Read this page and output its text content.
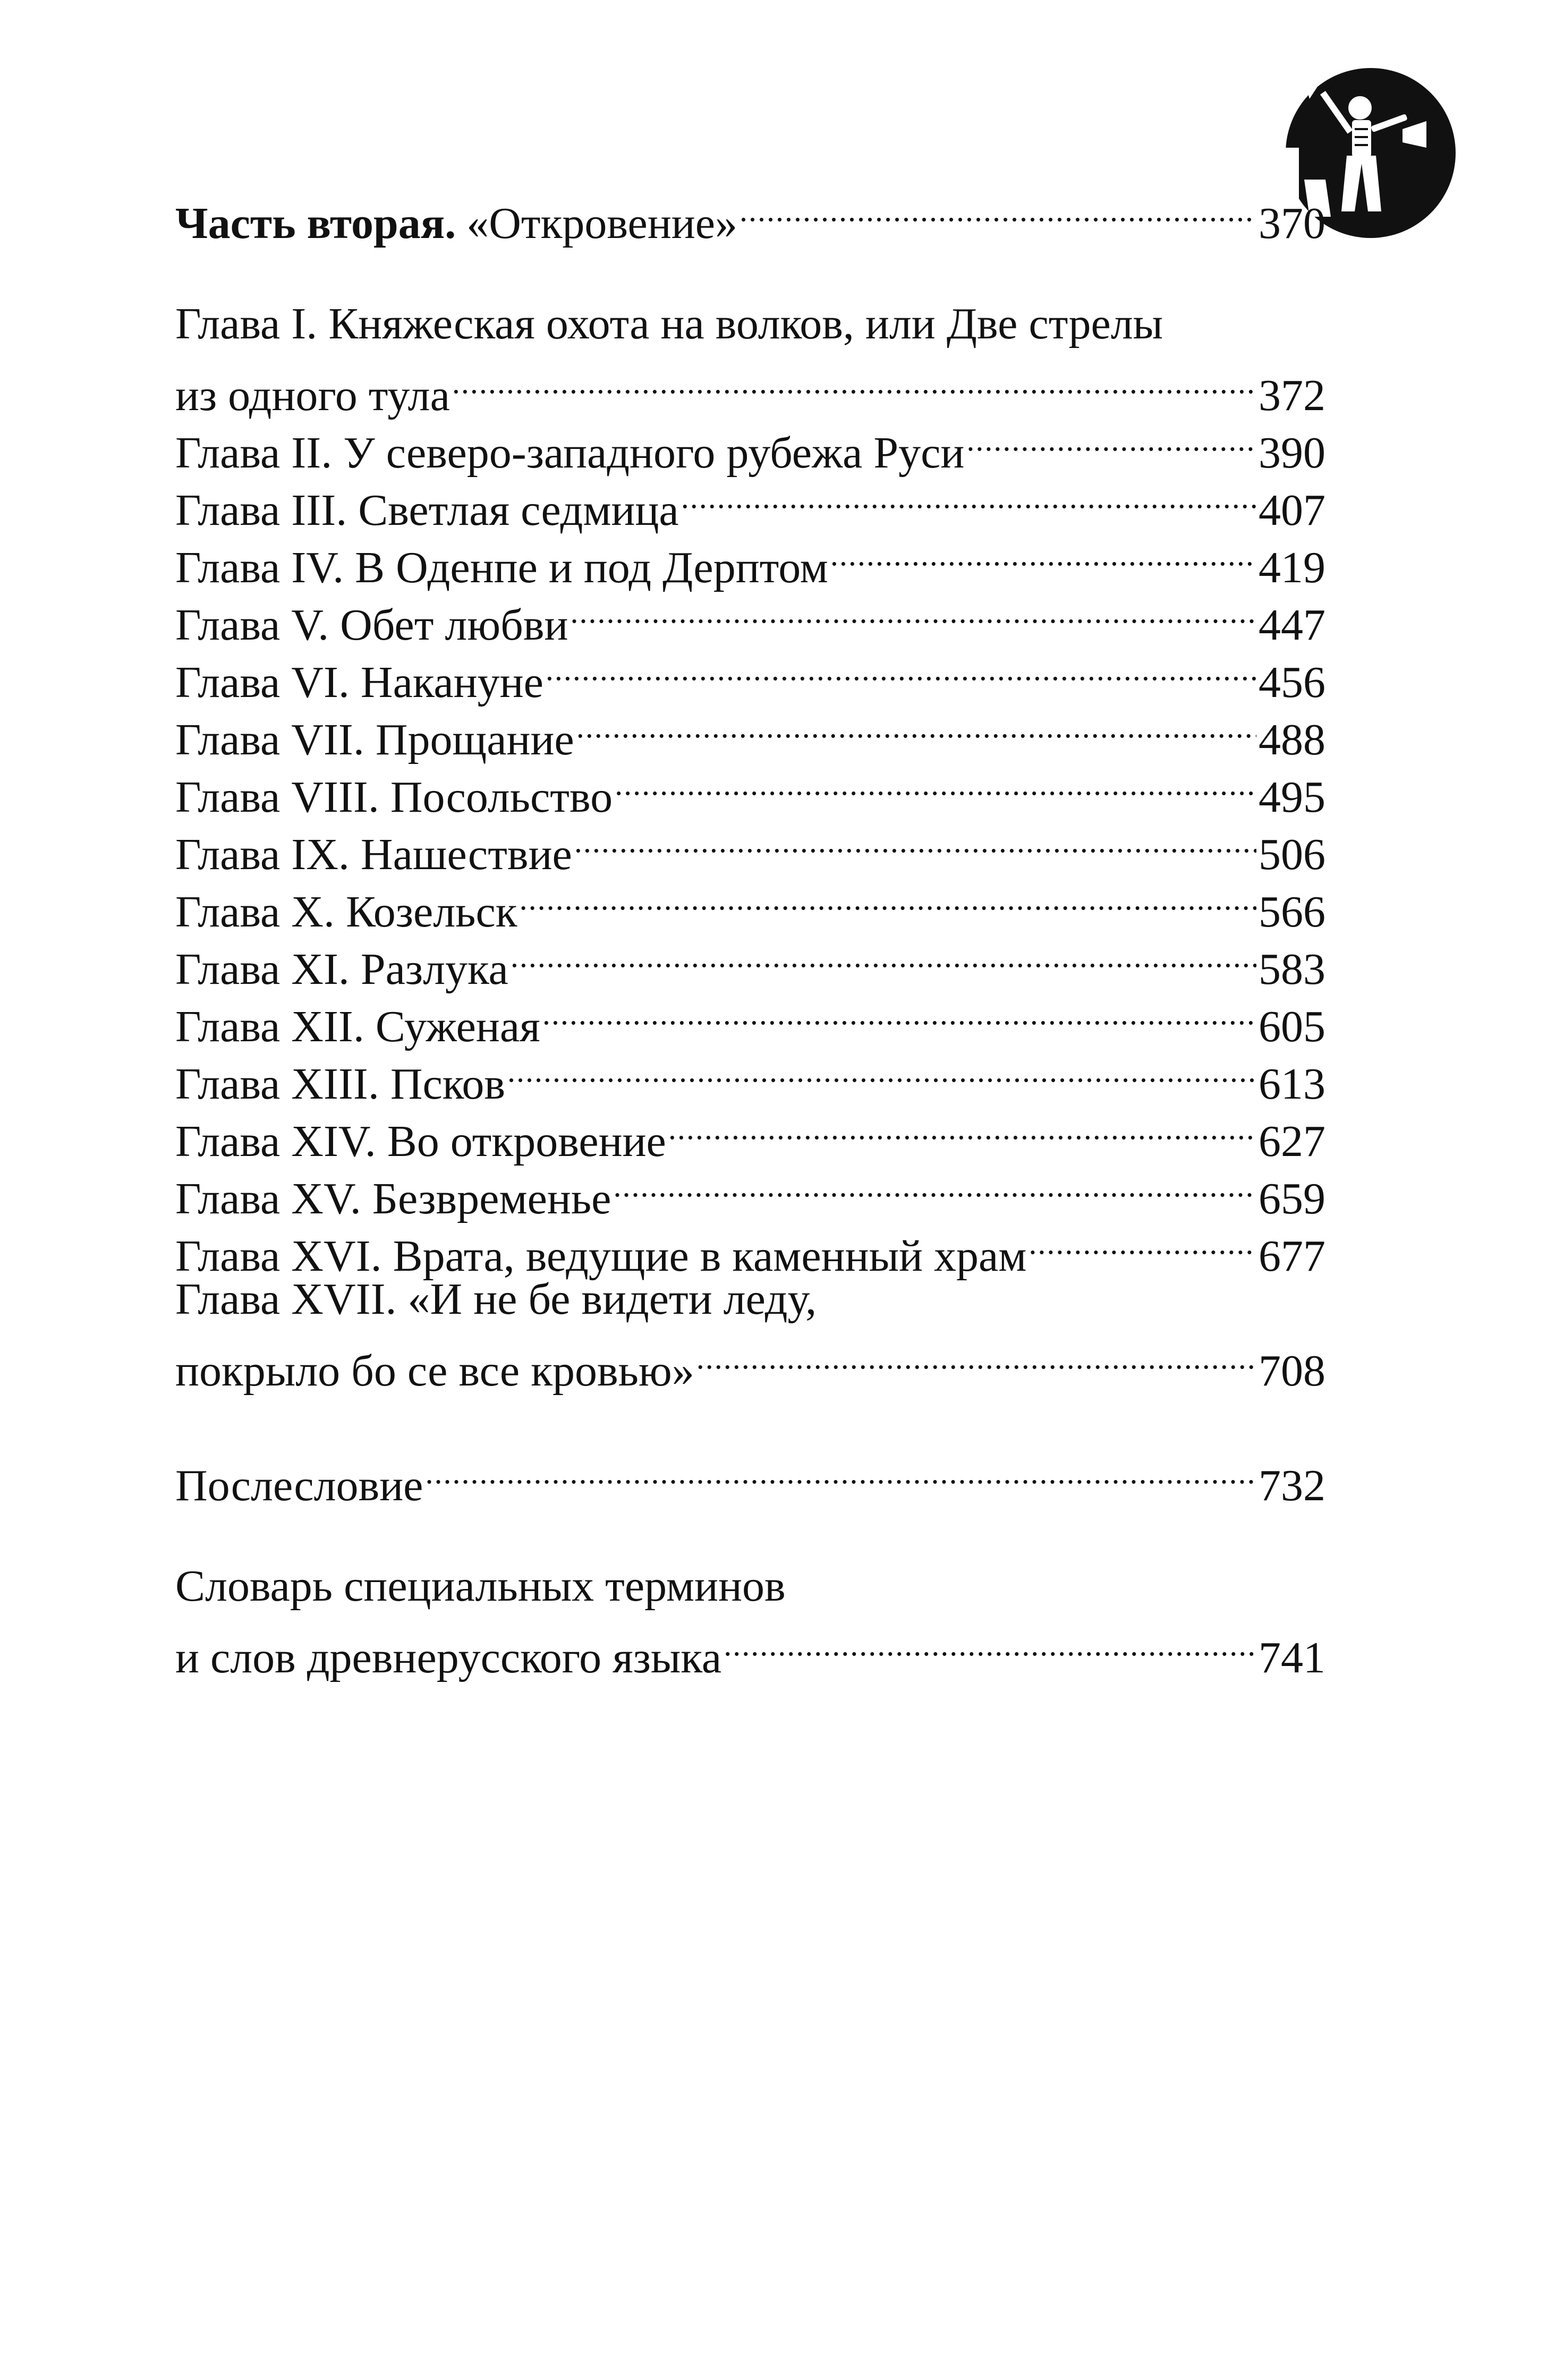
Часть вторая. «Откровение» .....	370
Глава I. Княжеская охота на волков, или Две стрелы
из одного тула .....	372
Глава II. У северо-западного рубежа Руси .....	390
Глава III. Светлая седмица .....	407
Глава IV. В Оденпе и под Дерптом .....	419
Глава V. Обет любви .....	447
Глава VI. Накануне .....	456
Глава VII. Прощание .....	488
Глава VIII. Посольство .....	495
Глава IX. Нашествие .....	506
Глава X. Козельск .....	566
Глава XI. Разлука .....	583
Глава XII. Суженая .....	605
Глава XIII. Псков .....	613
Глава XIV. Во откровение .....	627
Глава XV. Безвременье .....	659
Глава XVI. Врата, ведущие в каменный храм .....	677
Глава XVII. «И не бе видети леду,
покрыло бо се все кровью» .....	708
Послесловие .....	732
Словарь специальных терминов
и слов древнерусского языка .....	741
